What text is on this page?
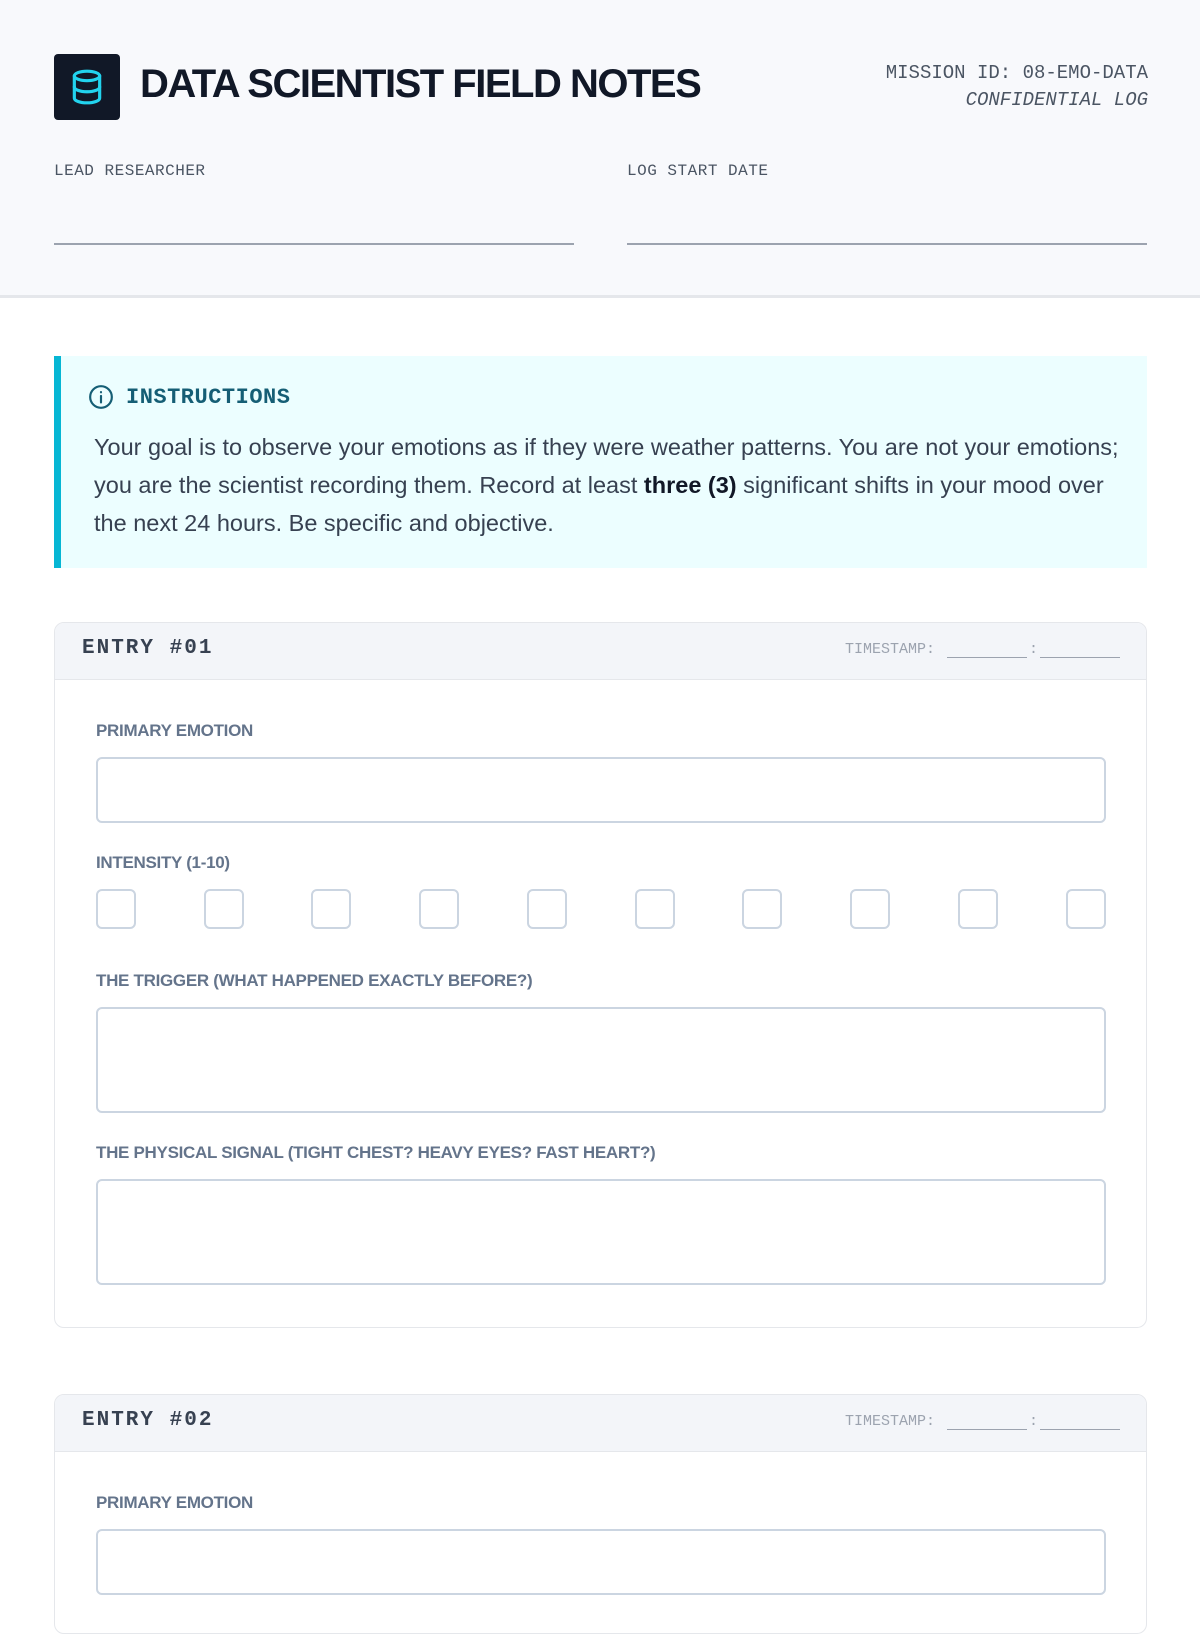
DATA SCIENTIST FIELD NOTES	MISSION ID: 08-EMO-DATA
CONFIDENTIAL LOG
LEAD RESEARCHER	LOG START DATE
INSTRUCTIONS
Your goal is to observe your emotions as if they were weather patterns. You are not your emotions; you are the scientist recording them. Record at least three (3) significant shifts in your mood over the next 24 hours. Be specific and objective.
ENTRY #01	TIMESTAMP:	:
PRIMARY EMOTION
INTENSITY (1-10)
THE TRIGGER (WHAT HAPPENED EXACTLY BEFORE?)
THE PHYSICAL SIGNAL (TIGHT CHEST? HEAVY EYES? FAST HEART?)
ENTRY #02	TIMESTAMP:	:
PRIMARY EMOTION
